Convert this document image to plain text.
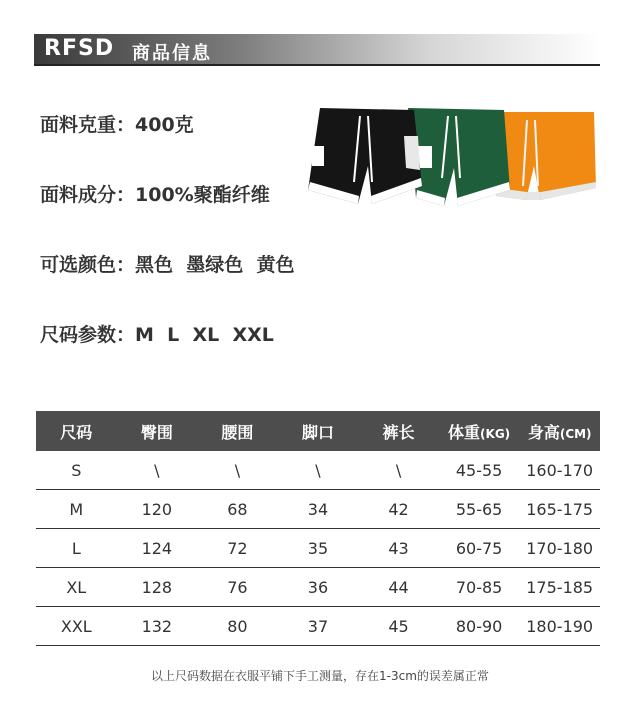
RFSD 商品信息
面料克重：400克
面料成分：100%聚酯纤维
可选颜色：黑色  墨绿色  黄色
尺码参数：M  L  XL  XXL
尺码	臀围	腰围	脚口	裤长	体重(KG)	身高(CM)
S	\	\	\	\	45-55	160-170
M	120	68	34	42	55-65	165-175
L	124	72	35	43	60-75	170-180
XL	128	76	36	44	70-85	175-185
XXL	132	80	37	45	80-90	180-190
以上尺码数据在衣服平铺下手工测量，存在1-3cm的误差属正常
